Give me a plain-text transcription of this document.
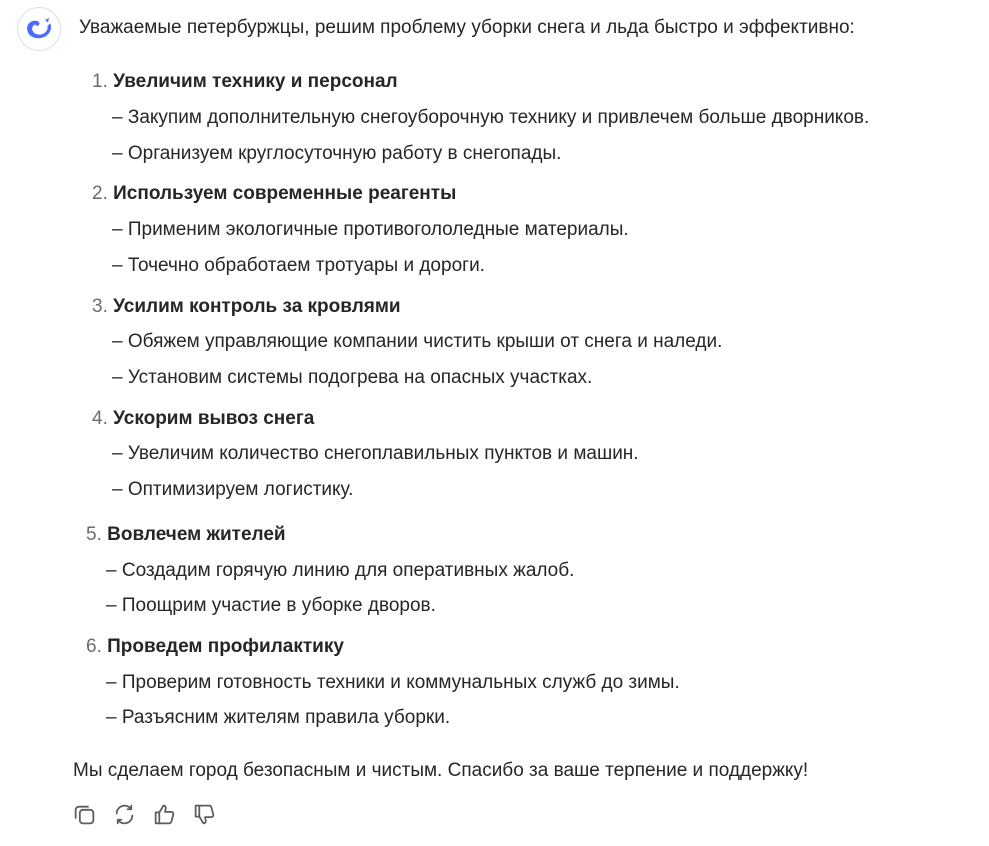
Уважаемые петербуржцы, решим проблему уборки снега и льда быстро и эффективно:
1. Увеличим технику и персонал
– Закупим дополнительную снегоуборочную технику и привлечем больше дворников.
– Организуем круглосуточную работу в снегопады.
2. Используем современные реагенты
– Применим экологичные противогололедные материалы.
– Точечно обработаем тротуары и дороги.
3. Усилим контроль за кровлями
– Обяжем управляющие компании чистить крыши от снега и наледи.
– Установим системы подогрева на опасных участках.
4. Ускорим вывоз снега
– Увеличим количество снегоплавильных пунктов и машин.
– Оптимизируем логистику.
5. Вовлечем жителей
– Создадим горячую линию для оперативных жалоб.
– Поощрим участие в уборке дворов.
6. Проведем профилактику
– Проверим готовность техники и коммунальных служб до зимы.
– Разъясним жителям правила уборки.
Мы сделаем город безопасным и чистым. Спасибо за ваше терпение и поддержку!
